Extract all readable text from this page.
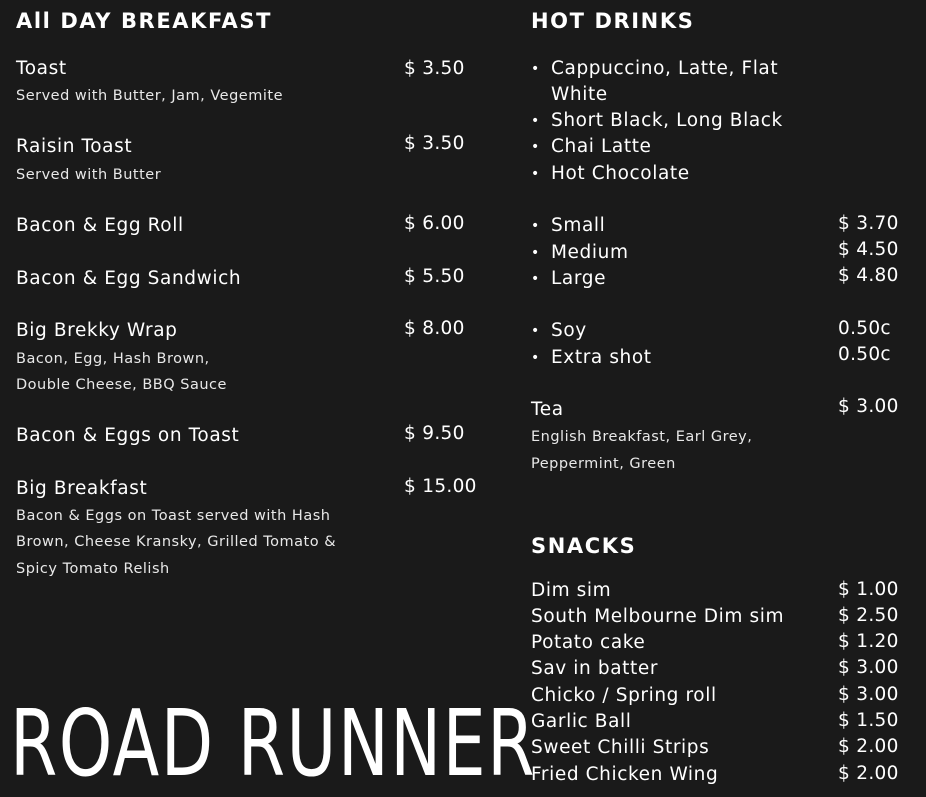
All DAY BREAKFAST
Toast	$ 3.50
Served with Butter, Jam, Vegemite
Raisin Toast	$ 3.50
Served with Butter
Bacon & Egg Roll	$ 6.00
Bacon & Egg Sandwich	$ 5.50
Big Brekky Wrap	$ 8.00
Bacon, Egg, Hash Brown,
Double Cheese, BBQ Sauce
Bacon & Eggs on Toast	$ 9.50
Big Breakfast	$ 15.00
Bacon & Eggs on Toast served with Hash
Brown, Cheese Kransky, Grilled Tomato &
Spicy Tomato Relish
ROAD RUNNER
HOT DRINKS
• Cappuccino, Latte, Flat
White
• Short Black, Long Black
• Chai Latte
• Hot Chocolate
• Small	$ 3.70
• Medium	$ 4.50
• Large	$ 4.80
• Soy	0.50c
• Extra shot	0.50c
Tea	$ 3.00
English Breakfast, Earl Grey,
Peppermint, Green
SNACKS
Dim sim	$ 1.00
South Melbourne Dim sim	$ 2.50
Potato cake	$ 1.20
Sav in batter	$ 3.00
Chicko / Spring roll	$ 3.00
Garlic Ball	$ 1.50
Sweet Chilli Strips	$ 2.00
Fried Chicken Wing	$ 2.00
